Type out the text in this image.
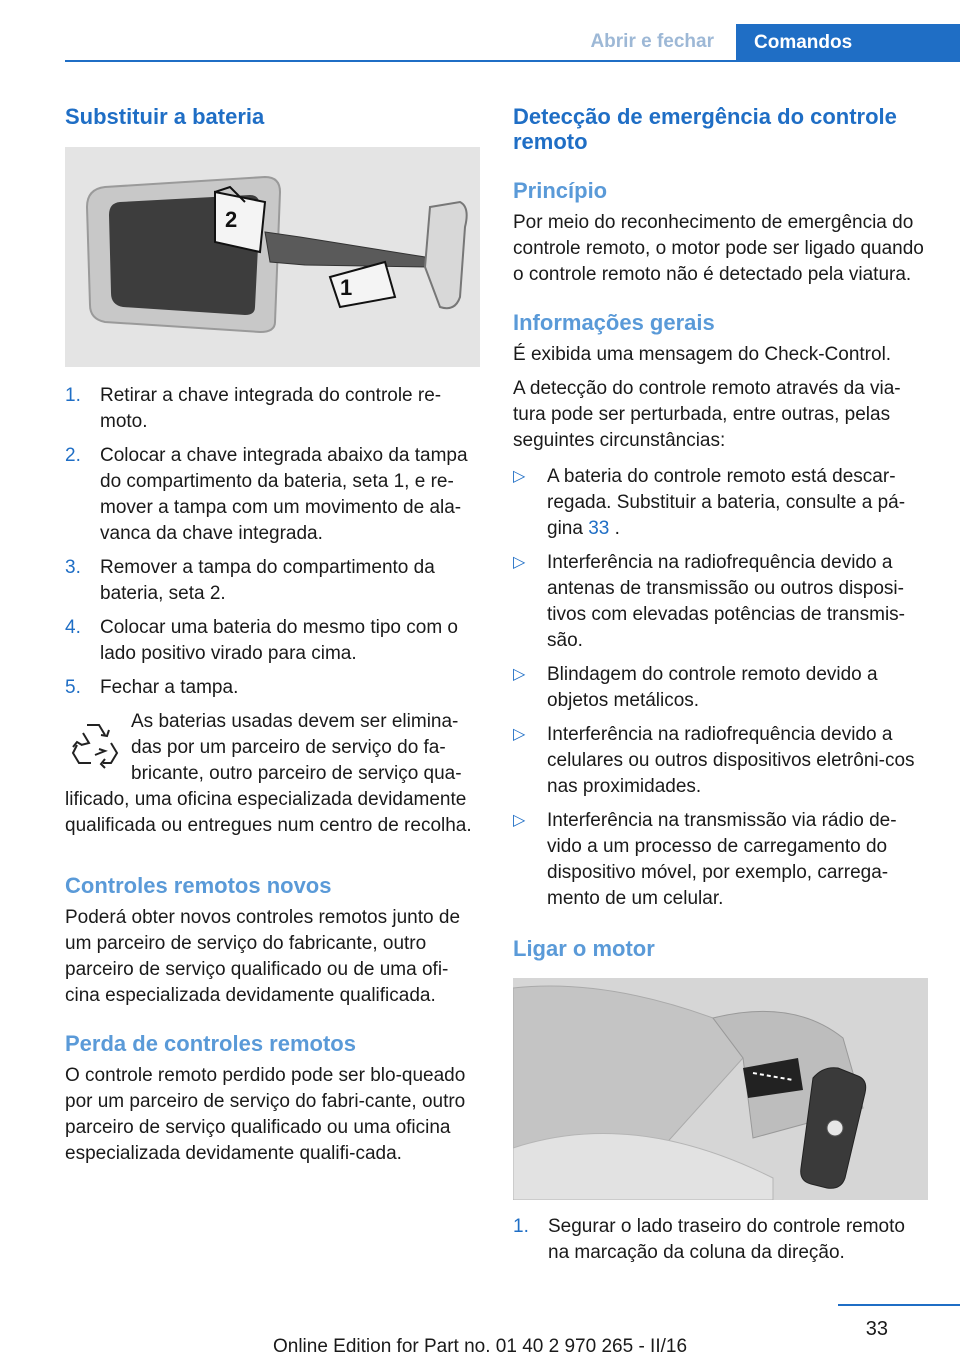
Abrir e fechar	Comandos
Substituir a bateria
2
1
1. Retirar a chave integrada do controle re‐moto.
2. Colocar a chave integrada abaixo da tampa do compartimento da bateria, seta 1, e re‐mover a tampa com um movimento de ala‐vanca da chave integrada.
3. Remover a tampa do compartimento da bateria, seta 2.
4. Colocar uma bateria do mesmo tipo com o lado positivo virado para cima.
5. Fechar a tampa.

As baterias usadas devem ser elimina‐das por um parceiro de serviço do fa‐bricante, outro parceiro de serviço qua‐lificado, uma oficina especializada devidamente qualificada ou entregues num centro de recolha.

Controles remotos novos

Poderá obter novos controles remotos junto de um parceiro de serviço do fabricante, outro parceiro de serviço qualificado ou de uma ofi‐cina especializada devidamente qualificada.

Perda de controles remotos

O controle remoto perdido pode ser blo‐queado por um parceiro de serviço do fabri‐cante, outro parceiro de serviço qualificado ou uma oficina especializada devidamente qualifi‐cada.

Detecção de emergência do controle remoto
Princípio

Por meio do reconhecimento de emergência do controle remoto, o motor pode ser ligado quando o controle remoto não é detectado pela viatura.

Informações gerais

É exibida uma mensagem do Check-Control.

A detecção do controle remoto através da via‐tura pode ser perturbada, entre outras, pelas seguintes circunstâncias:

▷ A bateria do controle remoto está descar‐regada. Substituir a bateria, consulte a pá‐gina 33 .
▷ Interferência na radiofrequência devido a antenas de transmissão ou outros disposi‐tivos com elevadas potências de transmis‐são.
▷ Blindagem do controle remoto devido a objetos metálicos.
▷ Interferência na radiofrequência devido a celulares ou outros dispositivos eletrôni‐cos nas proximidades.
▷ Interferência na transmissão via rádio de‐vido a um processo de carregamento do dispositivo móvel, por exemplo, carrega‐mento de um celular.
Ligar o motor
1. Segurar o lado traseiro do controle remoto na marcação da coluna da direção.
33
Online Edition for Part no. 01 40 2 970 265 - II/16
